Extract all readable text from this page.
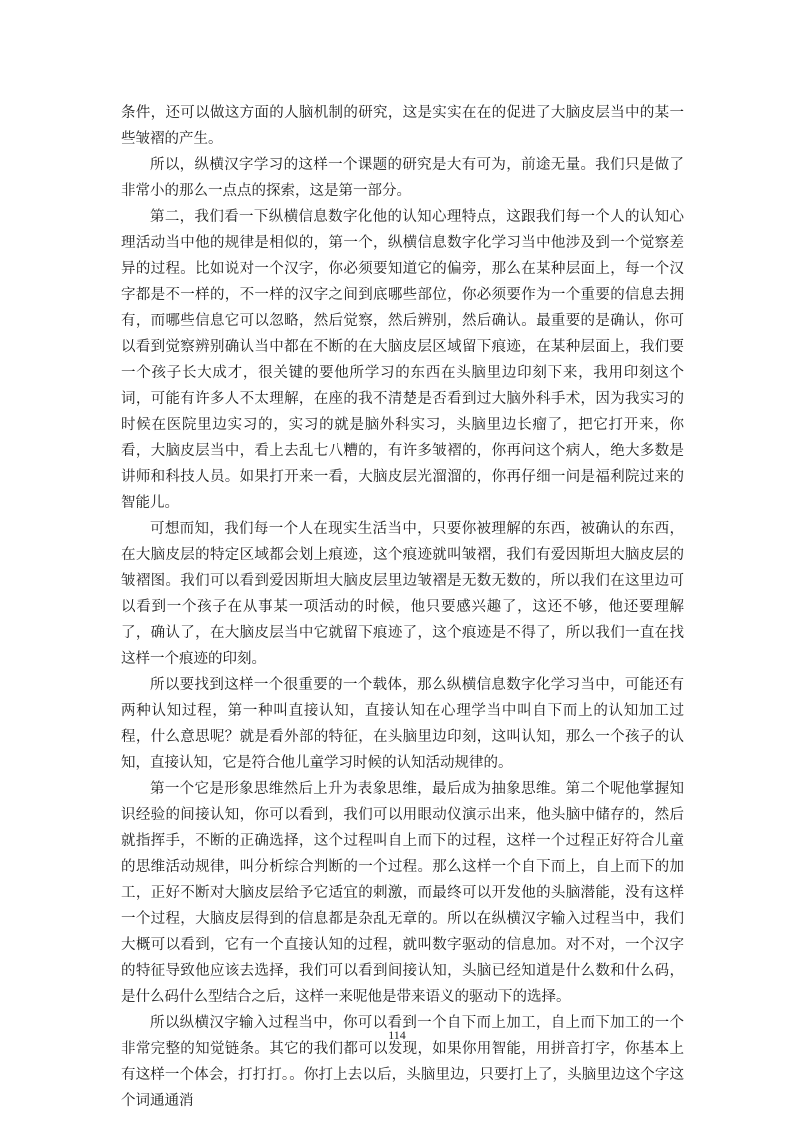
条件，还可以做这方面的人脑机制的研究，这是实实在在的促进了大脑皮层当中的某一些皱褶的产生。

所以，纵横汉字学习的这样一个课题的研究是大有可为，前途无量。我们只是做了非常小的那么一点点的探索，这是第一部分。

第二，我们看一下纵横信息数字化他的认知心理特点，这跟我们每一个人的认知心理活动当中他的规律是相似的，第一个，纵横信息数字化学习当中他涉及到一个觉察差异的过程。比如说对一个汉字，你必须要知道它的偏旁，那么在某种层面上，每一个汉字都是不一样的，不一样的汉字之间到底哪些部位，你必须要作为一个重要的信息去拥有，而哪些信息它可以忽略，然后觉察，然后辨别，然后确认。最重要的是确认，你可以看到觉察辨别确认当中都在不断的在大脑皮层区域留下痕迹，在某种层面上，我们要一个孩子长大成才，很关键的要他所学习的东西在头脑里边印刻下来，我用印刻这个词，可能有许多人不太理解，在座的我不清楚是否看到过大脑外科手术，因为我实习的时候在医院里边实习的，实习的就是脑外科实习，头脑里边长瘤了，把它打开来，你看，大脑皮层当中，看上去乱七八糟的，有许多皱褶的，你再问这个病人，绝大多数是讲师和科技人员。如果打开来一看，大脑皮层光溜溜的，你再仔细一问是福利院过来的智能儿。

可想而知，我们每一个人在现实生活当中，只要你被理解的东西，被确认的东西，在大脑皮层的特定区域都会划上痕迹，这个痕迹就叫皱褶，我们有爱因斯坦大脑皮层的皱褶图。我们可以看到爱因斯坦大脑皮层里边皱褶是无数无数的，所以我们在这里边可以看到一个孩子在从事某一项活动的时候，他只要感兴趣了，这还不够，他还要理解了，确认了，在大脑皮层当中它就留下痕迹了，这个痕迹是不得了，所以我们一直在找这样一个痕迹的印刻。

所以要找到这样一个很重要的一个载体，那么纵横信息数字化学习当中，可能还有两种认知过程，第一种叫直接认知，直接认知在心理学当中叫自下而上的认知加工过程，什么意思呢？就是看外部的特征，在头脑里边印刻，这叫认知，那么一个孩子的认知，直接认知，它是符合他儿童学习时候的认知活动规律的。

第一个它是形象思维然后上升为表象思维，最后成为抽象思维。第二个呢他掌握知识经验的间接认知，你可以看到，我们可以用眼动仪演示出来，他头脑中储存的，然后就指挥手，不断的正确选择，这个过程叫自上而下的过程，这样一个过程正好符合儿童的思维活动规律，叫分析综合判断的一个过程。那么这样一个自下而上，自上而下的加工，正好不断对大脑皮层给予它适宜的刺激，而最终可以开发他的头脑潜能，没有这样一个过程，大脑皮层得到的信息都是杂乱无章的。所以在纵横汉字输入过程当中，我们大概可以看到，它有一个直接认知的过程，就叫数字驱动的信息加。对不对，一个汉字的特征导致他应该去选择，我们可以看到间接认知，头脑已经知道是什么数和什么码，是什么码什么型结合之后，这样一来呢他是带来语义的驱动下的选择。

所以纵横汉字输入过程当中，你可以看到一个自下而上加工，自上而下加工的一个非常完整的知觉链条。其它的我们都可以发现，如果你用智能，用拼音打字，你基本上有这样一个体会，打打打。。你打上去以后，头脑里边，只要打上了，头脑里边这个字这个词通通消

114
